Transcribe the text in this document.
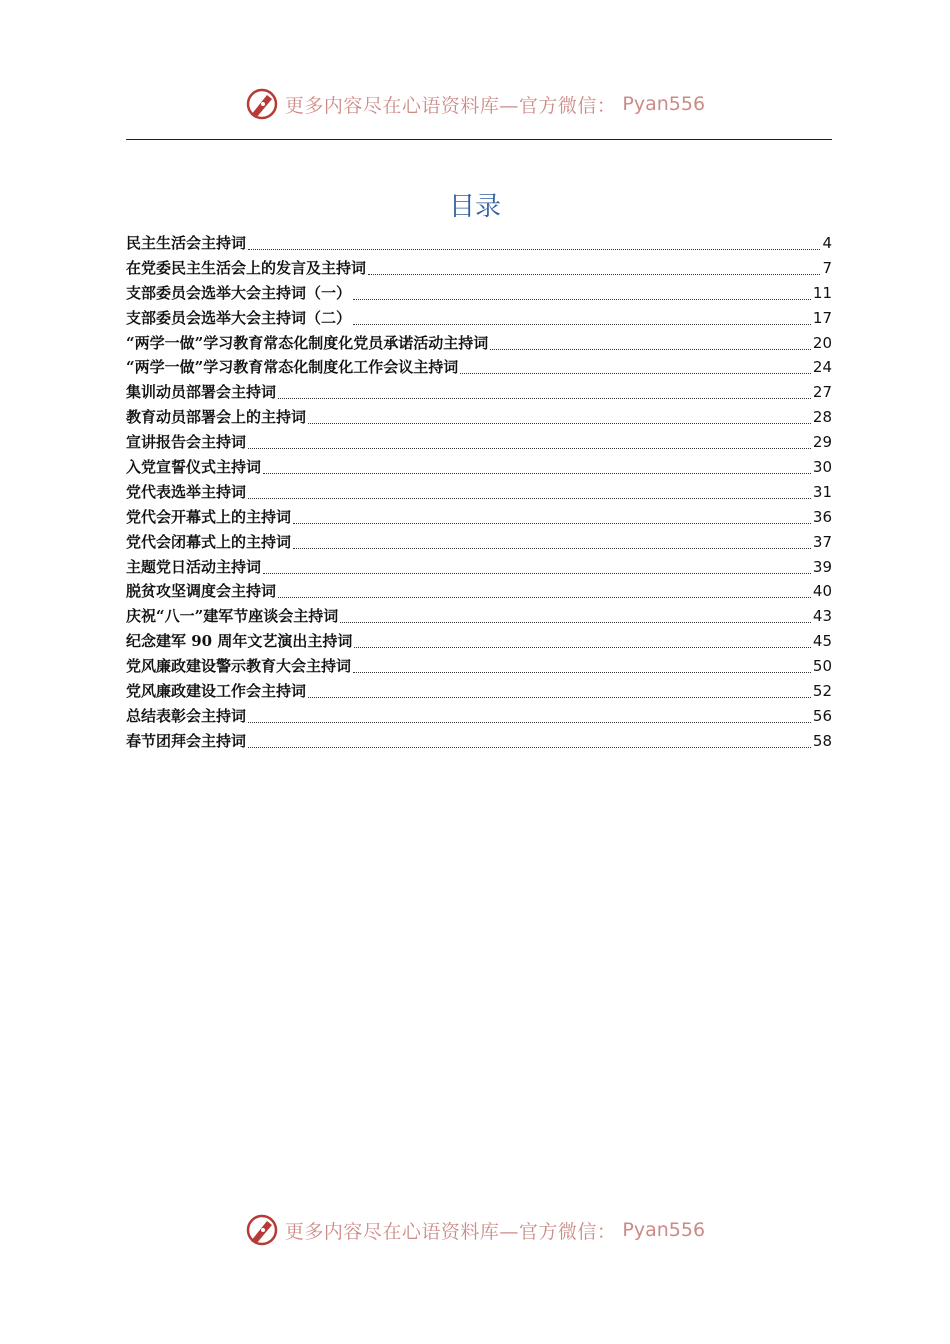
更多内容尽在心语资料库—官方微信： Pyan556
目录
民主生活会主持词	4
在党委民主生活会上的发言及主持词	7
支部委员会选举大会主持词（一）	11
支部委员会选举大会主持词（二）	17
“两学一做”学习教育常态化制度化党员承诺活动主持词	20
“两学一做”学习教育常态化制度化工作会议主持词	24
集训动员部署会主持词	27
教育动员部署会上的主持词	28
宣讲报告会主持词	29
入党宣誓仪式主持词	30
党代表选举主持词	31
党代会开幕式上的主持词	36
党代会闭幕式上的主持词	37
主题党日活动主持词	39
脱贫攻坚调度会主持词	40
庆祝“八一”建军节座谈会主持词	43
纪念建军 90 周年文艺演出主持词	45
党风廉政建设警示教育大会主持词	50
党风廉政建设工作会主持词	52
总结表彰会主持词	56
春节团拜会主持词	58
更多内容尽在心语资料库—官方微信： Pyan556
